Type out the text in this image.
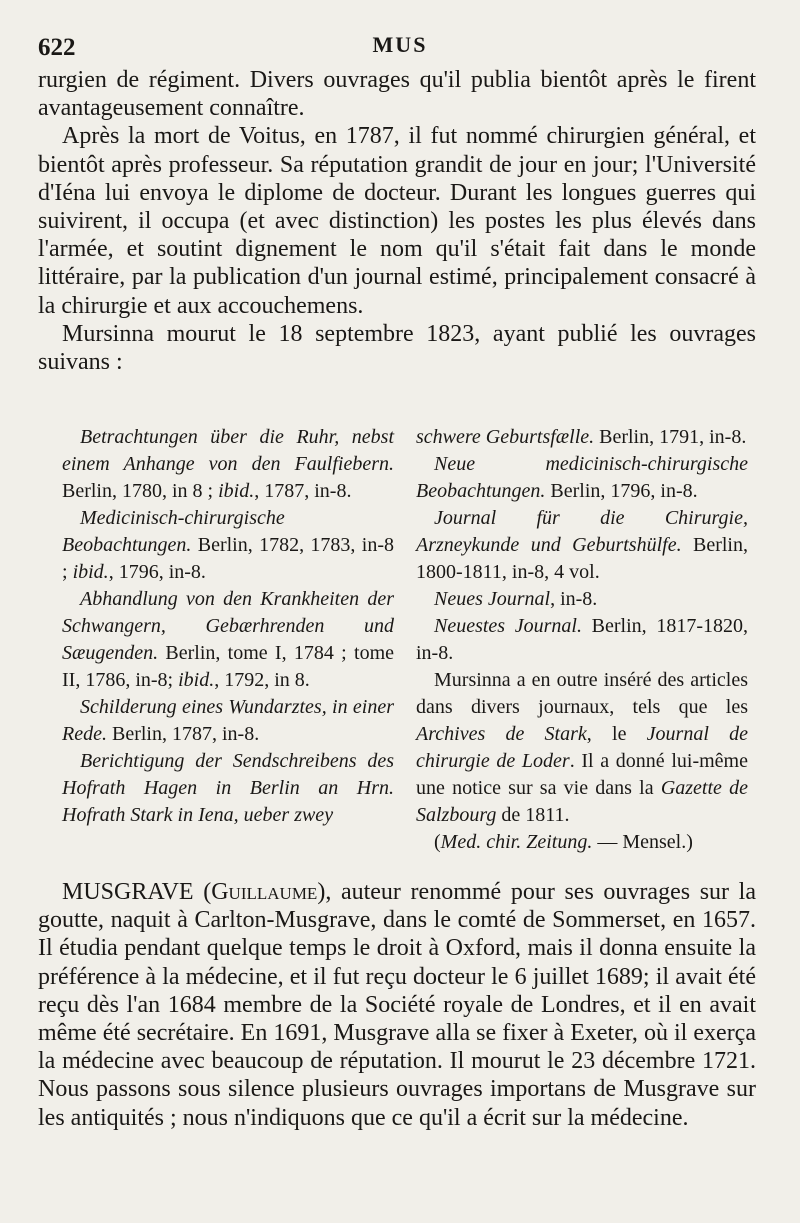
622	MUS

rurgien de régiment. Divers ouvrages qu'il publia bientôt après le firent avantageusement connaître.

Après la mort de Voitus, en 1787, il fut nommé chirurgien général, et bientôt après professeur. Sa réputation grandit de jour en jour; l'Université d'Iéna lui envoya le diplome de docteur. Durant les longues guerres qui suivirent, il occupa (et avec distinction) les postes les plus élevés dans l'armée, et soutint dignement le nom qu'il s'était fait dans le monde littéraire, par la publication d'un journal estimé, principalement consacré à la chirurgie et aux accouchemens.

Mursinna mourut le 18 septembre 1823, ayant publié les ouvrages suivans :

Betrachtungen über die Ruhr, nebst einem Anhange von den Faulfiebern. Berlin, 1780, in 8 ; ibid., 1787, in-8.

Medicinisch-chirurgische Beobachtungen. Berlin, 1782, 1783, in-8 ; ibid., 1796, in-8.

Abhandlung von den Krankheiten der Schwangern, Gebærhrenden und Sæugenden. Berlin, tome I, 1784 ; tome II, 1786, in-8; ibid., 1792, in 8.

Schilderung eines Wundarztes, in einer Rede. Berlin, 1787, in-8.

Berichtigung der Sendschreibens des Hofrath Hagen in Berlin an Hrn. Hofrath Stark in Iena, ueber zwey

schwere Geburtsfælle. Berlin, 1791, in-8.

Neue medicinisch-chirurgische Beobachtungen. Berlin, 1796, in-8.

Journal für die Chirurgie, Arzneykunde und Geburtshülfe. Berlin, 1800-1811, in-8, 4 vol.

Neues Journal, in-8.

Neuestes Journal. Berlin, 1817-1820, in-8.

Mursinna a en outre inséré des articles dans divers journaux, tels que les Archives de Stark, le Journal de chirurgie de Loder. Il a donné lui-même une notice sur sa vie dans la Gazette de Salzbourg de 1811.

(Med. chir. Zeitung. — Mensel.)

MUSGRAVE (Guillaume), auteur renommé pour ses ouvrages sur la goutte, naquit à Carlton-Musgrave, dans le comté de Sommerset, en 1657. Il étudia pendant quelque temps le droit à Oxford, mais il donna ensuite la préférence à la médecine, et il fut reçu docteur le 6 juillet 1689; il avait été reçu dès l'an 1684 membre de la Société royale de Londres, et il en avait même été secrétaire. En 1691, Musgrave alla se fixer à Exeter, où il exerça la médecine avec beaucoup de réputation. Il mourut le 23 décembre 1721. Nous passons sous silence plusieurs ouvrages importans de Musgrave sur les antiquités ; nous n'indiquons que ce qu'il a écrit sur la médecine.
